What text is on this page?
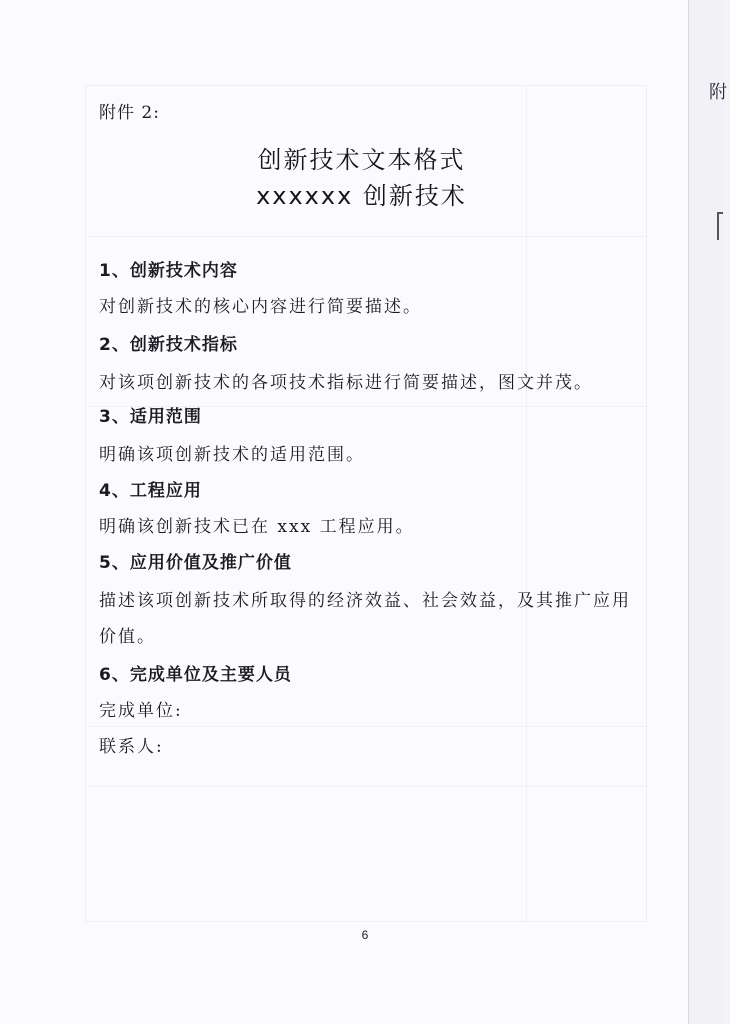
附件 2:
创新技术文本格式
xxxxxx 创新技术
1、创新技术内容
对创新技术的核心内容进行简要描述。
2、创新技术指标
对该项创新技术的各项技术指标进行简要描述，图文并茂。
3、适用范围
明确该项创新技术的适用范围。
4、工程应用
明确该创新技术已在 xxx 工程应用。
5、应用价值及推广价值
描述该项创新技术所取得的经济效益、社会效益，及其推广应用
价值。
6、完成单位及主要人员
完成单位:
联系人:
6
附
